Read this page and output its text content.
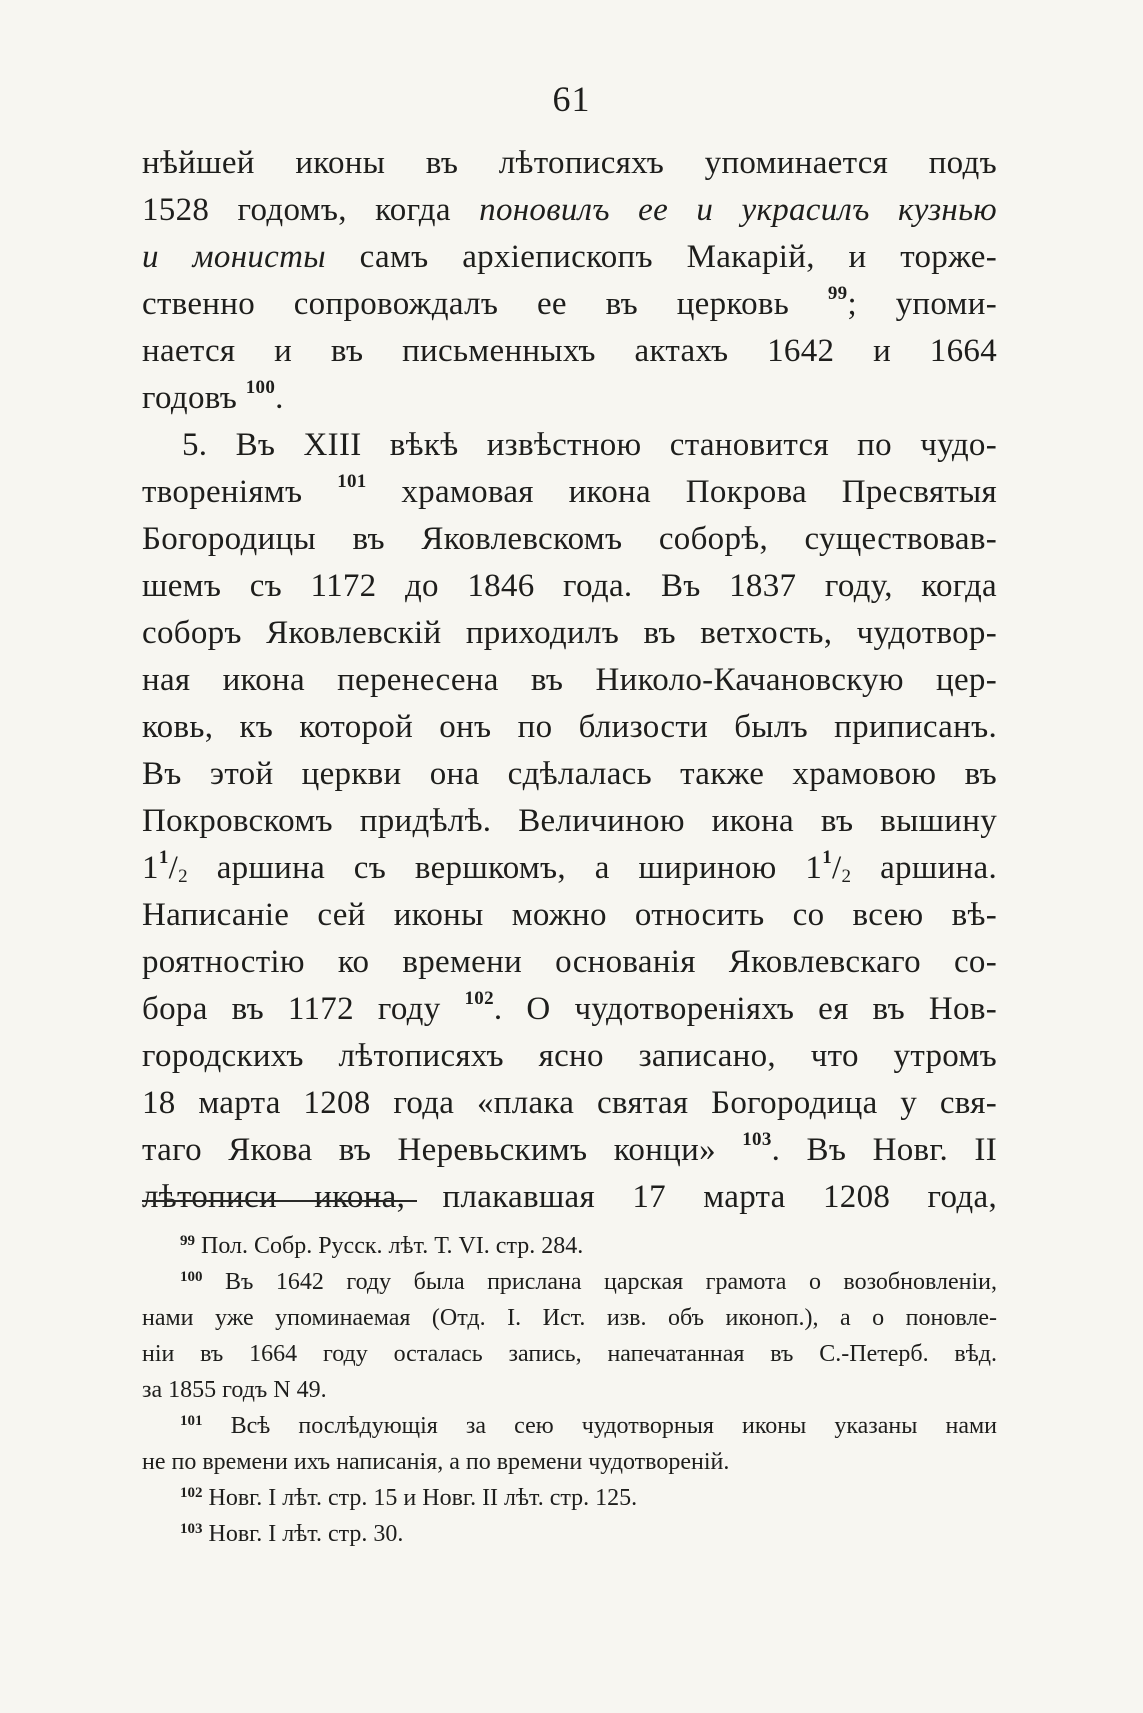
61
нѣйшей иконы въ лѣтописяхъ упоминается подъ
1528 годомъ, когда поновилъ ее и украсилъ кузнью
и монисты самъ архіепископъ Макарій, и торже-
ственно сопровождалъ ее въ церковь $^{99}$; упоми-
нается и въ письменныхъ актахъ 1642 и 1664
годовъ $^{100}$.
5. Въ XIII вѣкѣ извѣстною становится по чудо-
твореніямъ $^{101}$ храмовая икона Покрова Пресвятыя
Богородицы въ Яковлевскомъ соборѣ, существовав-
шемъ съ 1172 до 1846 года. Въ 1837 году, когда
соборъ Яковлевскій приходилъ въ ветхость, чудотвор-
ная икона перенесена въ Николо-Качановскую цер-
ковь, къ которой онъ по близости былъ приписанъ.
Въ этой церкви она сдѣлалась также храмовою въ
Покровскомъ придѣлѣ. Величиною икона въ вышину
$1^1/_2$ аршина съ вершкомъ, а шириною $1^1/_2$ аршина.
Написаніе сей иконы можно относить со всею вѣ-
роятностію ко времени основанія Яковлевскаго со-
бора въ 1172 году $^{102}$. О чудотвореніяхъ ея въ Нов-
городскихъ лѣтописяхъ ясно записано, что утромъ
18 марта 1208 года «плака святая Богородица у свя-
таго Якова въ Неревьскимъ конци» $^{103}$. Въ Новг. II
лѣтописи икона, плакавшая 17 марта 1208 года,
$^{99}$ Пол. Собр. Русск. лѣт. Т. VI. стр. 284.
$^{100}$ Въ 1642 году была прислана царская грамота о возобновленіи,
нами уже упоминаемая (Отд. I. Ист. изв. объ иконоп.), а о поновле-
ніи въ 1664 году осталась запись, напечатанная въ С.-Петерб. вѣд.
за 1855 годъ N 49.
$^{101}$ Всѣ послѣдующія за сею чудотворныя иконы указаны нами
не по времени ихъ написанія, а по времени чудотвореній.
$^{102}$ Новг. I лѣт. стр. 15 и Новг. II лѣт. стр. 125.
$^{103}$ Новг. I лѣт. стр. 30.
